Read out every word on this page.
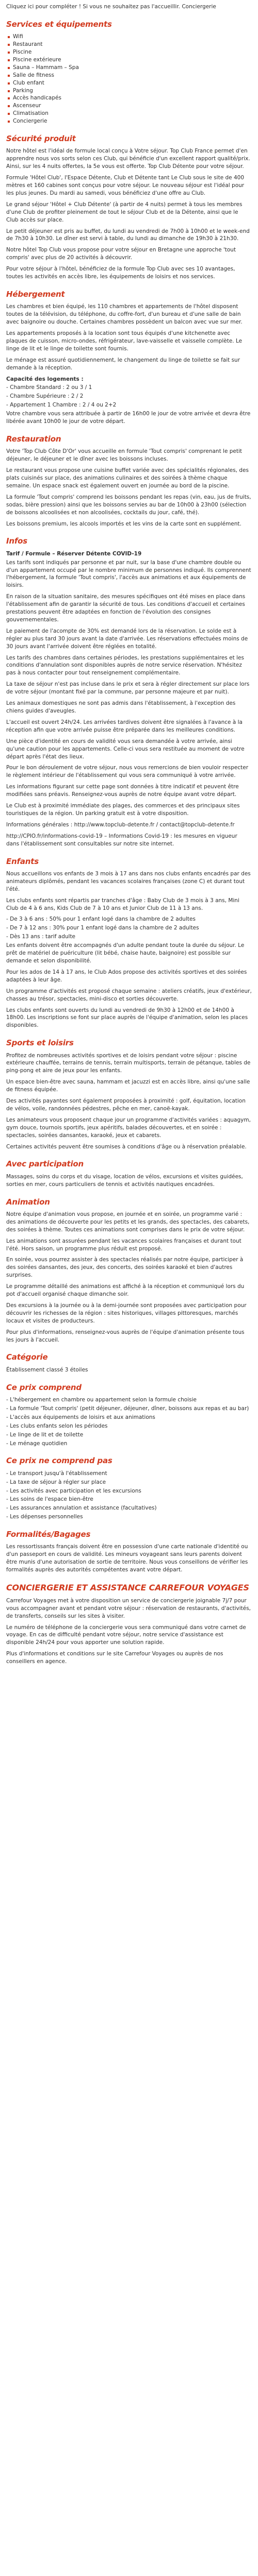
Cliquez ici pour compléter ! Si vous ne souhaitez pas l'accueillir. Conciergerie

Services et équipements
Wifi
Restaurant
Piscine
Piscine extérieure
Sauna – Hammam – Spa
Salle de fitness
Club enfant
Parking
Accès handicapés
Ascenseur
Climatisation
Conciergerie
Sécurité produit

Notre hôtel est l'idéal de formule local conçu à Votre séjour. Top Club France permet d'en apprendre nous vos sorts selon ces Club, qui bénéficie d'un excellent rapport qualité/prix. Ainsi, sur les 4 nuits offertes, la 5e vous est offerte. Top Club Détente pour votre séjour.

Formule 'Hôtel Club', l'Espace Détente, Club et Détente tant Le Club sous le site de 400 mètres et 160 cabines sont conçus pour votre séjour. Le nouveau séjour est l'idéal pour les plus jeunes. Du mardi au samedi, vous bénéficiez d'une offre au Club.

Le grand séjour 'Hôtel + Club Détente' (à partir de 4 nuits) permet à tous les membres d'une Club de profiter pleinement de tout le séjour Club et de la Détente, ainsi que le Club accès sur place.

Le petit déjeuner est pris au buffet, du lundi au vendredi de 7h00 à 10h00 et le week-end de 7h30 à 10h30. Le dîner est servi à table, du lundi au dimanche de 19h30 à 21h30.

Notre hôtel Top Club vous propose pour votre séjour en Bretagne une approche 'tout compris' avec plus de 20 activités à découvrir.

Pour votre séjour à l'hôtel, bénéficiez de la formule Top Club avec ses 10 avantages, toutes les activités en accès libre, les équipements de loisirs et nos services.

Hébergement

Les chambres et bien équipé, les 110 chambres et appartements de l'hôtel disposent toutes de la télévision, du téléphone, du coffre-fort, d'un bureau et d'une salle de bain avec baignoire ou douche. Certaines chambres possèdent un balcon avec vue sur mer.

Les appartements proposés à la location sont tous équipés d'une kitchenette avec plaques de cuisson, micro-ondes, réfrigérateur, lave-vaisselle et vaisselle complète. Le linge de lit et le linge de toilette sont fournis.

Le ménage est assuré quotidiennement, le changement du linge de toilette se fait sur demande à la réception.

Capacité des logements :

- Chambre Standard : 2 ou 3 / 1

- Chambre Supérieure : 2 / 2

- Appartement 1 Chambre : 2 / 4 ou 2+2

Votre chambre vous sera attribuée à partir de 16h00 le jour de votre arrivée et devra être libérée avant 10h00 le jour de votre départ.

Restauration

Votre 'Top Club Côte D'Or' vous accueille en formule 'Tout compris' comprenant le petit déjeuner, le déjeuner et le dîner avec les boissons incluses.

Le restaurant vous propose une cuisine buffet variée avec des spécialités régionales, des plats cuisinés sur place, des animations culinaires et des soirées à thème chaque semaine. Un espace snack est également ouvert en journée au bord de la piscine.

La formule 'Tout compris' comprend les boissons pendant les repas (vin, eau, jus de fruits, sodas, bière pression) ainsi que les boissons servies au bar de 10h00 à 23h00 (sélection de boissons alcoolisées et non alcoolisées, cocktails du jour, café, thé).

Les boissons premium, les alcools importés et les vins de la carte sont en supplément.

Infos

Tarif / Formule – Réserver Détente COVID-19

Les tarifs sont indiqués par personne et par nuit, sur la base d'une chambre double ou d'un appartement occupé par le nombre minimum de personnes indiqué. Ils comprennent l'hébergement, la formule 'Tout compris', l'accès aux animations et aux équipements de loisirs.

En raison de la situation sanitaire, des mesures spécifiques ont été mises en place dans l'établissement afin de garantir la sécurité de tous. Les conditions d'accueil et certaines prestations peuvent être adaptées en fonction de l'évolution des consignes gouvernementales.

Le paiement de l'acompte de 30% est demandé lors de la réservation. Le solde est à régler au plus tard 30 jours avant la date d'arrivée. Les réservations effectuées moins de 30 jours avant l'arrivée doivent être réglées en totalité.

Les tarifs des chambres dans certaines périodes, les prestations supplémentaires et les conditions d'annulation sont disponibles auprès de notre service réservation. N'hésitez pas à nous contacter pour tout renseignement complémentaire.

La taxe de séjour n'est pas incluse dans le prix et sera à régler directement sur place lors de votre séjour (montant fixé par la commune, par personne majeure et par nuit).

Les animaux domestiques ne sont pas admis dans l'établissement, à l'exception des chiens guides d'aveugles.

L'accueil est ouvert 24h/24. Les arrivées tardives doivent être signalées à l'avance à la réception afin que votre arrivée puisse être préparée dans les meilleures conditions.

Une pièce d'identité en cours de validité vous sera demandée à votre arrivée, ainsi qu'une caution pour les appartements. Celle-ci vous sera restituée au moment de votre départ après l'état des lieux.

Pour le bon déroulement de votre séjour, nous vous remercions de bien vouloir respecter le règlement intérieur de l'établissement qui vous sera communiqué à votre arrivée.

Les informations figurant sur cette page sont données à titre indicatif et peuvent être modifiées sans préavis. Renseignez-vous auprès de notre équipe avant votre départ.

Le Club est à proximité immédiate des plages, des commerces et des principaux sites touristiques de la région. Un parking gratuit est à votre disposition.

Informations générales : http://www.topclub-detente.fr / contact@topclub-detente.fr

http://CPIO.fr/informations-covid-19 – Informations Covid-19 : les mesures en vigueur dans l'établissement sont consultables sur notre site internet.

Enfants

Nous accueillons vos enfants de 3 mois à 17 ans dans nos clubs enfants encadrés par des animateurs diplômés, pendant les vacances scolaires françaises (zone C) et durant tout l'été.

Les clubs enfants sont répartis par tranches d'âge : Baby Club de 3 mois à 3 ans, Mini Club de 4 à 6 ans, Kids Club de 7 à 10 ans et Junior Club de 11 à 13 ans.

- De 3 à 6 ans : 50% pour 1 enfant logé dans la chambre de 2 adultes

- De 7 à 12 ans : 30% pour 1 enfant logé dans la chambre de 2 adultes

- Dès 13 ans : tarif adulte

Les enfants doivent être accompagnés d'un adulte pendant toute la durée du séjour. Le prêt de matériel de puériculture (lit bébé, chaise haute, baignoire) est possible sur demande et selon disponibilité.

Pour les ados de 14 à 17 ans, le Club Ados propose des activités sportives et des soirées adaptées à leur âge.

Un programme d'activités est proposé chaque semaine : ateliers créatifs, jeux d'extérieur, chasses au trésor, spectacles, mini-disco et sorties découverte.

Les clubs enfants sont ouverts du lundi au vendredi de 9h30 à 12h00 et de 14h00 à 18h00. Les inscriptions se font sur place auprès de l'équipe d'animation, selon les places disponibles.

Sports et loisirs

Profitez de nombreuses activités sportives et de loisirs pendant votre séjour : piscine extérieure chauffée, terrains de tennis, terrain multisports, terrain de pétanque, tables de ping-pong et aire de jeux pour les enfants.

Un espace bien-être avec sauna, hammam et jacuzzi est en accès libre, ainsi qu'une salle de fitness équipée.

Des activités payantes sont également proposées à proximité : golf, équitation, location de vélos, voile, randonnées pédestres, pêche en mer, canoë-kayak.

Les animateurs vous proposent chaque jour un programme d'activités variées : aquagym, gym douce, tournois sportifs, jeux apéritifs, balades découvertes, et en soirée : spectacles, soirées dansantes, karaoké, jeux et cabarets.

Certaines activités peuvent être soumises à conditions d'âge ou à réservation préalable.

Avec participation

Massages, soins du corps et du visage, location de vélos, excursions et visites guidées, sorties en mer, cours particuliers de tennis et activités nautiques encadrées.

Animation

Notre équipe d'animation vous propose, en journée et en soirée, un programme varié : des animations de découverte pour les petits et les grands, des spectacles, des cabarets, des soirées à thème. Toutes ces animations sont comprises dans le prix de votre séjour.

Les animations sont assurées pendant les vacances scolaires françaises et durant tout l'été. Hors saison, un programme plus réduit est proposé.

En soirée, vous pourrez assister à des spectacles réalisés par notre équipe, participer à des soirées dansantes, des jeux, des concerts, des soirées karaoké et bien d'autres surprises.

Le programme détaillé des animations est affiché à la réception et communiqué lors du pot d'accueil organisé chaque dimanche soir.

Des excursions à la journée ou à la demi-journée sont proposées avec participation pour découvrir les richesses de la région : sites historiques, villages pittoresques, marchés locaux et visites de producteurs.

Pour plus d'informations, renseignez-vous auprès de l'équipe d'animation présente tous les jours à l'accueil.

Catégorie

Établissement classé 3 étoiles

Ce prix comprend

- L'hébergement en chambre ou appartement selon la formule choisie

- La formule 'Tout compris' (petit déjeuner, déjeuner, dîner, boissons aux repas et au bar)

- L'accès aux équipements de loisirs et aux animations

- Les clubs enfants selon les périodes

- Le linge de lit et de toilette

- Le ménage quotidien

Ce prix ne comprend pas

- Le transport jusqu'à l'établissement

- La taxe de séjour à régler sur place

- Les activités avec participation et les excursions

- Les soins de l'espace bien-être

- Les assurances annulation et assistance (facultatives)

- Les dépenses personnelles

Formalités/Bagages

Les ressortissants français doivent être en possession d'une carte nationale d'identité ou d'un passeport en cours de validité. Les mineurs voyageant sans leurs parents doivent être munis d'une autorisation de sortie de territoire. Nous vous conseillons de vérifier les formalités auprès des autorités compétentes avant votre départ.

CONCIERGERIE ET ASSISTANCE CARREFOUR VOYAGES

Carrefour Voyages met à votre disposition un service de conciergerie joignable 7j/7 pour vous accompagner avant et pendant votre séjour : réservation de restaurants, d'activités, de transferts, conseils sur les sites à visiter.

Le numéro de téléphone de la conciergerie vous sera communiqué dans votre carnet de voyage. En cas de difficulté pendant votre séjour, notre service d'assistance est disponible 24h/24 pour vous apporter une solution rapide.

Plus d'informations et conditions sur le site Carrefour Voyages ou auprès de nos conseillers en agence.
